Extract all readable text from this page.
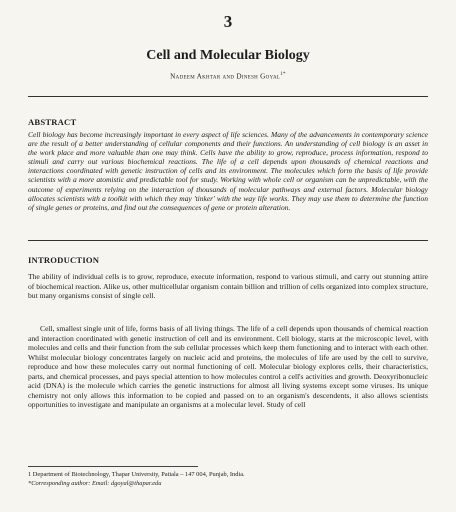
3
Cell and Molecular Biology
Nadeem Akhtar and Dinesh Goyal$^{1*}$
ABSTRACT
Cell biology has become increasingly important in every aspect of life sciences. Many of the advancements in contemporary science are the result of a better understanding of cellular components and their functions. An understanding of cell biology is an asset in the work place and more valuable than one may think. Cells have the ability to grow, reproduce, process information, respond to stimuli and carry out various biochemical reactions. The life of a cell depends upon thousands of chemical reactions and interactions coordinated with genetic instruction of cells and its environment. The molecules which form the basis of life provide scientists with a more atomistic and predictable tool for study. Working with whole cell or organism can be unpredictable, with the outcome of experiments relying on the interaction of thousands of molecular pathways and external factors. Molecular biology allocates scientists with a toolkit with which they may 'tinker' with the way life works. They may use them to determine the function of single genes or proteins, and find out the consequences of gene or protein alteration.
INTRODUCTION
The ability of individual cells is to grow, reproduce, execute information, respond to various stimuli, and carry out stunning attire of biochemical reaction. Alike us, other multicellular organism contain billion and trillion of cells organized into complex structure, but many organisms consist of single cell.
Cell, smallest single unit of life, forms basis of all living things. The life of a cell depends upon thousands of chemical reaction and interaction coordinated with genetic instruction of cell and its environment. Cell biology, starts at the microscopic level, with molecules and cells and their function from the sub cellular processes which keep them functioning and to interact with each other. Whilst molecular biology concentrates largely on nucleic acid and proteins, the molecules of life are used by the cell to survive, reproduce and how these molecules carry out normal functioning of cell. Molecular biology explores cells, their characteristics, parts, and chemical processes, and pays special attention to how molecules control a cell's activities and growth. Deoxyribonucleic acid (DNA) is the molecule which carries the genetic instructions for almost all living systems except some viruses. Its unique chemistry not only allows this information to be copied and passed on to an organism's descendents, it also allows scientists opportunities to investigate and manipulate an organisms at a molecular level. Study of cell
1 Department of Biotechnology, Thapar University, Patiala – 147 004, Punjab, India.
*Corresponding author: Email: dgoyal@thapar.edu
